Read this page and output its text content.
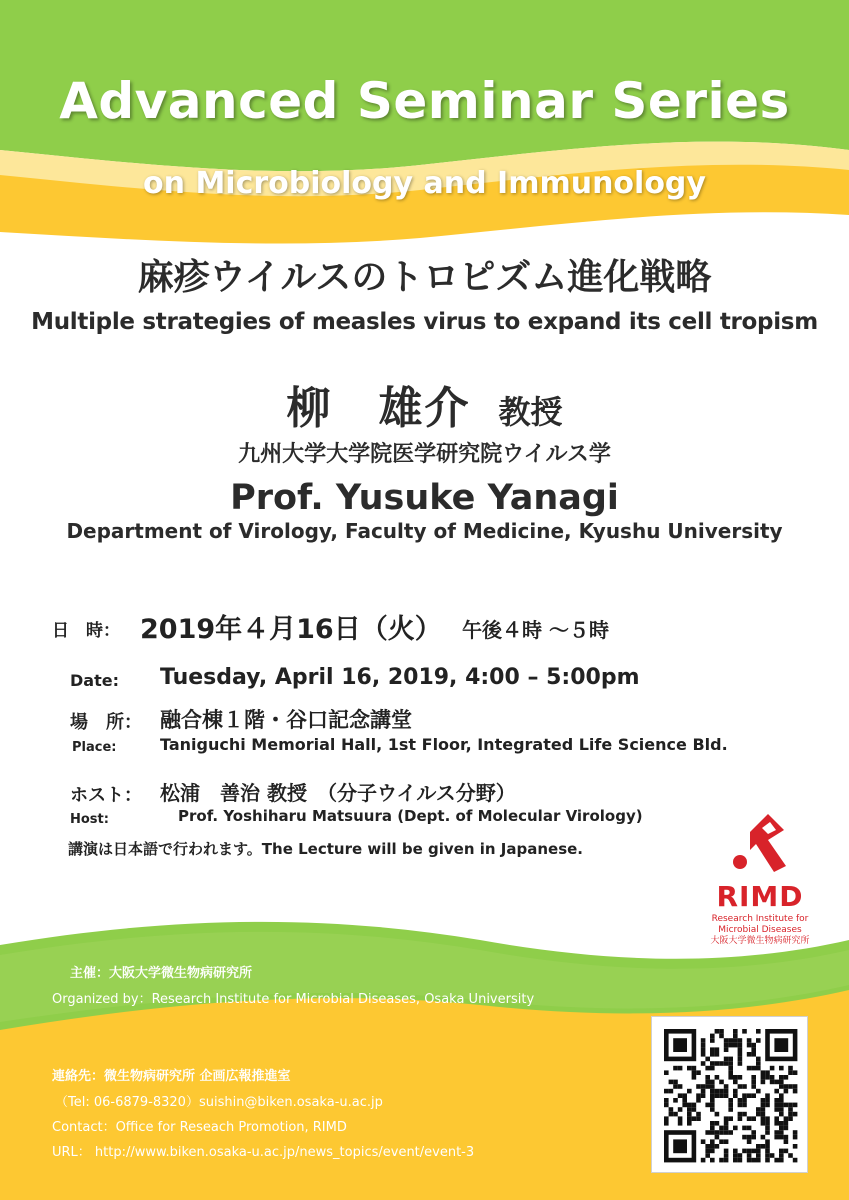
Advanced Seminar Series
on Microbiology and Immunology
麻疹ウイルスのトロピズム進化戦略
Multiple strategies of measles virus to expand its cell tropism
柳　雄介 教授
九州大学大学院医学研究院ウイルス学
Prof. Yusuke Yanagi
Department of Virology, Faculty of Medicine, Kyushu University
日　時： 2019年４月16日（火） 午後４時 ～５時
Date: Tuesday, April 16, 2019, 4:00 – 5:00pm
場　所： 融合棟１階・谷口記念講堂
Place:	Taniguchi Memorial Hall, 1st Floor, Integrated Life Science Bld.
ホスト： 松浦　善治 教授　（分子ウイルス分野）
Host:	Prof. Yoshiharu Matsuura (Dept. of Molecular Virology)
講演は日本語で行われます。The Lecture will be given in Japanese.
RIMD
Research Institute for
Microbial Diseases
大阪大学微生物病研究所
主催：大阪大学微生物病研究所
Organized by：Research Institute for Microbial Diseases, Osaka University
連絡先：微生物病研究所 企画広報推進室
（Tel: 06-6879-8320）suishin@biken.osaka-u.ac.jp
Contact：Office for Reseach Promotion, RIMD
URL： http://www.biken.osaka-u.ac.jp/news_topics/event/event-3
